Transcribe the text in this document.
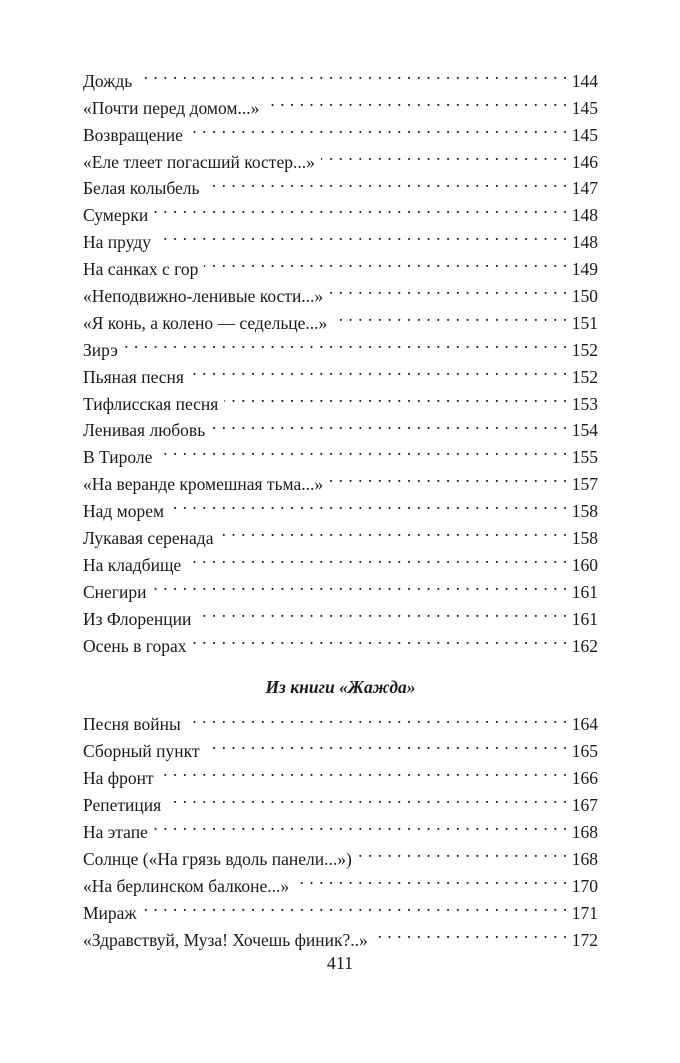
Дождь . . .	144
«Почти перед домом...» . . .	145
Возвращение . . .	145
«Еле тлеет погасший костер...» . . .	146
Белая колыбель . . .	147
Сумерки . . .	148
На пруду . . .	148
На санках с гор . . .	149
«Неподвижно-ленивые кости...» . . .	150
«Я конь, а колено — седельце...» . . .	151
Зирэ . . .	152
Пьяная песня . . .	152
Тифлисская песня . . .	153
Ленивая любовь . . .	154
В Тироле . . .	155
«На веранде кромешная тьма...» . . .	157
Над морем . . .	158
Лукавая серенада . . .	158
На кладбище . . .	160
Снегири . . .	161
Из Флоренции . . .	161
Осень в горах . . .	162
Из книги «Жажда»
Песня войны . . .	164
Сборный пункт . . .	165
На фронт . . .	166
Репетиция . . .	167
На этапе . . .	168
Солнце («На грязь вдоль панели...») . . .	168
«На берлинском балконе...» . . .	170
Мираж . . .	171
«Здравствуй, Муза! Хочешь финик?..» . . .	172
411
